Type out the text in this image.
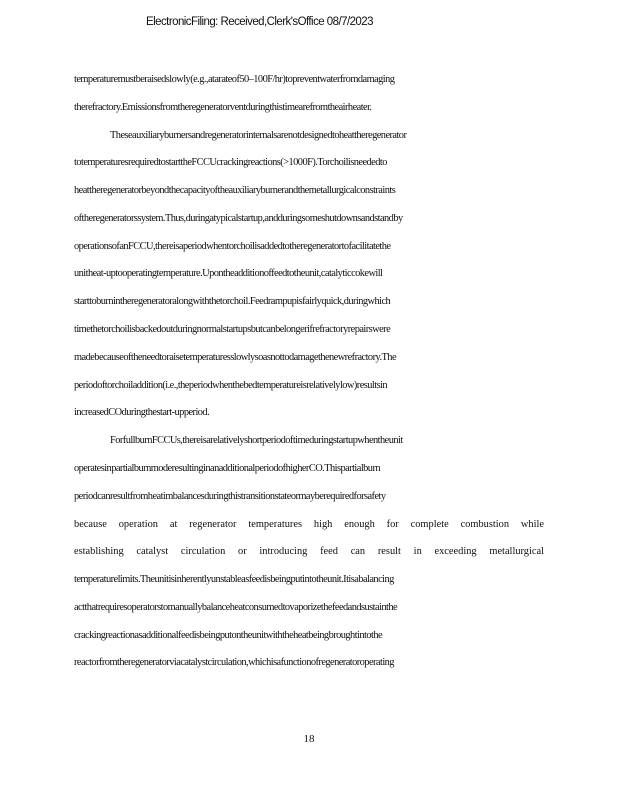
ElectronicFiling: Received,Clerk'sOffice 08/7/2023
temperaturemustberaisedslowly(e.g.,atarateof50–100F/hr)topreventwaterfromdamaging
therefractory.Emissionsfromtheregeneratorventduringthistimearefromtheairheater.
Theseauxiliaryburnersandregeneratorinternalsarenotdesignedtoheattheregenerator
totemperaturesrequiredtostarttheFCCUcrackingreactions(>1000F).Torchoilisneededto
heattheregeneratorbeyondthecapacityoftheauxiliaryburnerandthemetallurgicalconstraints
oftheregeneratorssystem.Thus,duringatypicalstartup,andduringsomeshutdownsandstandby
operationsofanFCCU,thereisaperiodwhentorchoilisaddedtotheregeneratortofacilitatethe
unitheat-uptooperatingtemperature.Upontheadditionoffeedtotheunit,catalyticcokewill
starttoburnintheregeneratoralongwiththetorchoil.Feedrampupisfairlyquick,duringwhich
timethetorchoilisbackedoutduringnormalstartupsbutcanbelongerifrefractoryrepairswere
madebecauseoftheneedtoraisetemperaturesslowlysoasnottodamagethenewrefractory.The
periodoftorchoiladdition(i.e.,theperiodwhenthebedtemperatureisrelativelylow)resultsin
increasedCOduringthestart-upperiod.
ForfullburnFCCUs,thereisarelativelyshortperiodoftimeduringstartupwhentheunit
operatesinpartialburnmoderesultinginanadditionalperiodofhigherCO.Thispartialburn
periodcanresultfromheatimbalancesduringthistransitionstateormayberequiredforsafety
because operation at regenerator temperatures high enough for complete combustion while
establishing catalyst circulation or introducing feed can result in exceeding metallurgical
temperaturelimits.Theunitisinherentlyunstableasfeedisbeingputintotheunit.Itisabalancing
actthatrequiresoperatorstomanuallybalanceheatconsumedtovaporizethefeedandsustainthe
crackingreactionasadditionalfeedisbeingputontheunitwiththeheatbeingbroughtintothe
reactorfromtheregeneratorviacatalystcirculation,whichisafunctionofregeneratoroperating
18
